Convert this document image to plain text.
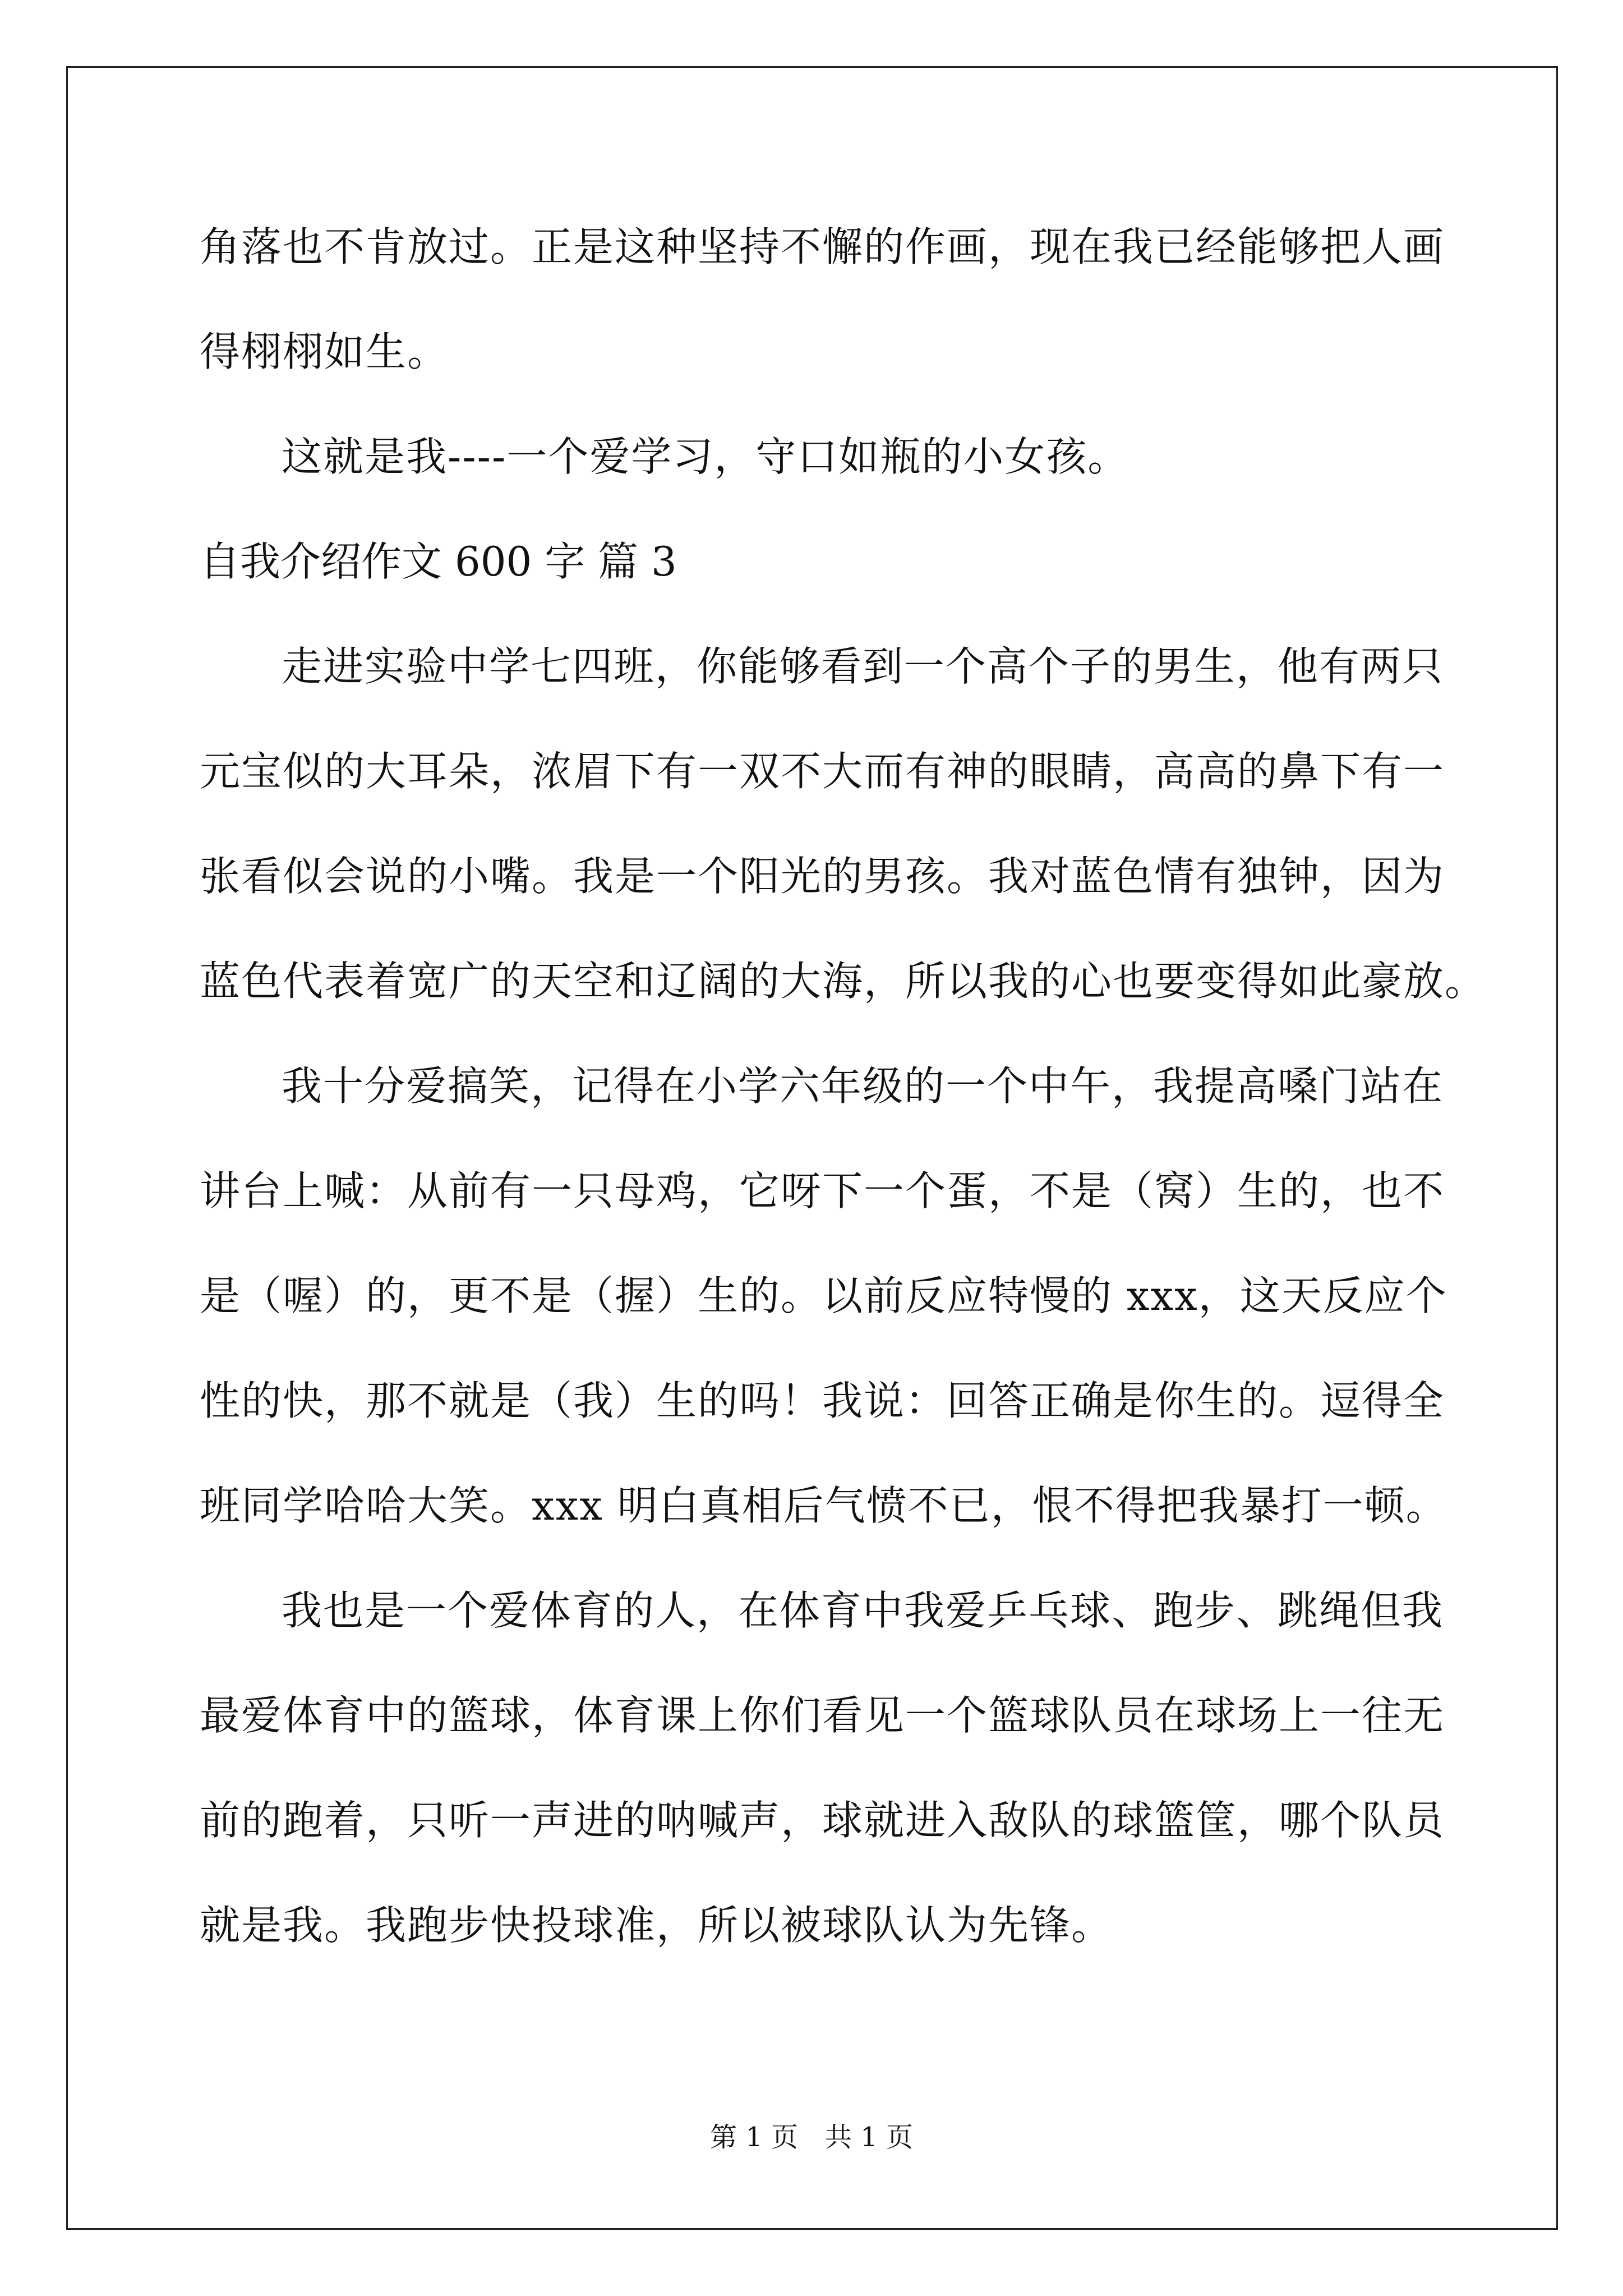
角落也不肯放过。正是这种坚持不懈的作画，现在我已经能够把人画
得栩栩如生。
这就是我----一个爱学习，守口如瓶的小女孩。
自我介绍作文 600 字 篇 3
走进实验中学七四班，你能够看到一个高个子的男生，他有两只
元宝似的大耳朵，浓眉下有一双不大而有神的眼睛，高高的鼻下有一
张看似会说的小嘴。我是一个阳光的男孩。我对蓝色情有独钟，因为
蓝色代表着宽广的天空和辽阔的大海，所以我的心也要变得如此豪放。
我十分爱搞笑，记得在小学六年级的一个中午，我提高嗓门站在
讲台上喊：从前有一只母鸡，它呀下一个蛋，不是（窝）生的，也不
是（喔）的，更不是（握）生的。以前反应特慢的 xxx，这天反应个
性的快，那不就是（我）生的吗！我说：回答正确是你生的。逗得全
班同学哈哈大笑。xxx 明白真相后气愤不已，恨不得把我暴打一顿。
我也是一个爱体育的人，在体育中我爱乒乓球、跑步、跳绳但我
最爱体育中的篮球，体育课上你们看见一个篮球队员在球场上一往无
前的跑着，只听一声进的呐喊声，球就进入敌队的球篮筐，哪个队员
就是我。我跑步快投球准，所以被球队认为先锋。
第 1 页 共 1 页
